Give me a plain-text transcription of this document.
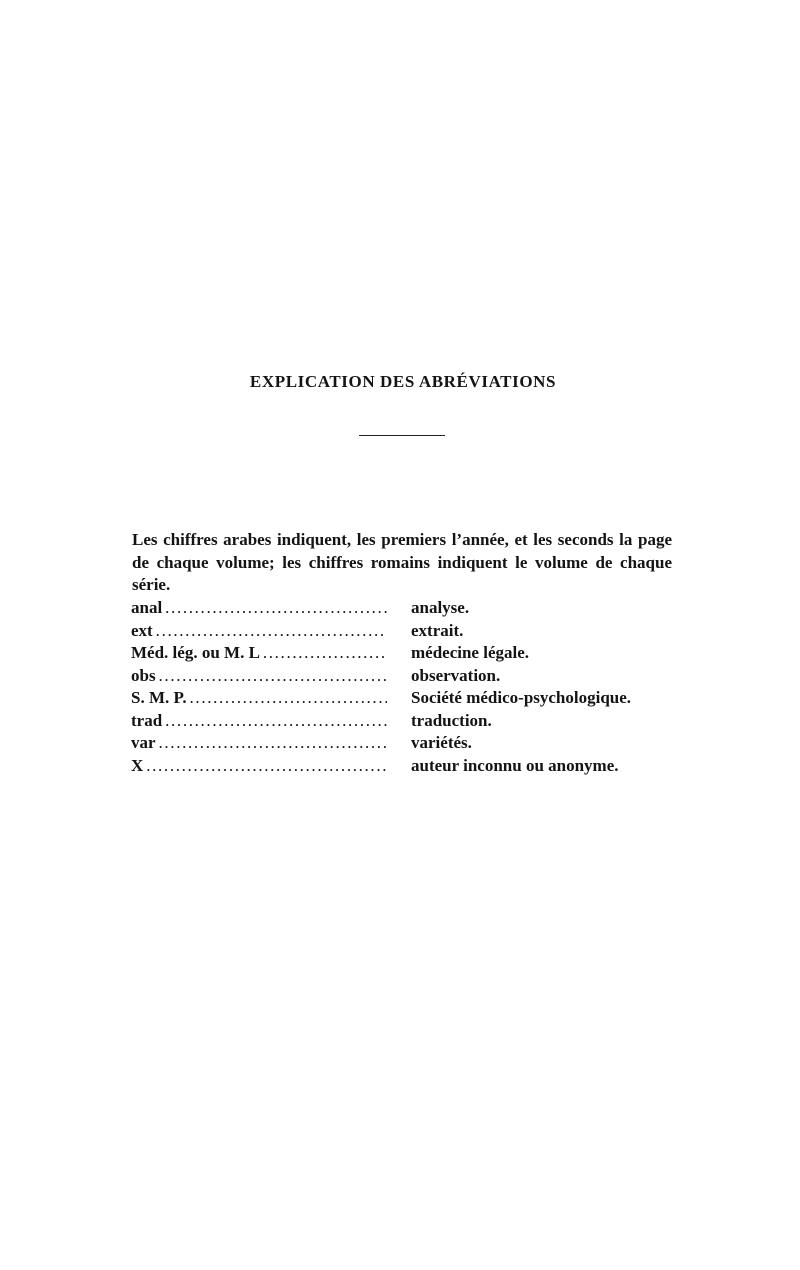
EXPLICATION DES ABRÉVIATIONS

Les chiffres arabes indiquent, les premiers l’année, et les seconds la page de chaque volume; les chiffres romains indiquent le volume de chaque série.

anal . . .	analyse.
ext . . .	extrait.
Méd. lég. ou M. L . . .	médecine légale.
obs . . .	observation.
S. M. P. . . .	Société médico-psychologique.
trad . . .	traduction.
var . . .	variétés.
X . . .	auteur inconnu ou anonyme.
